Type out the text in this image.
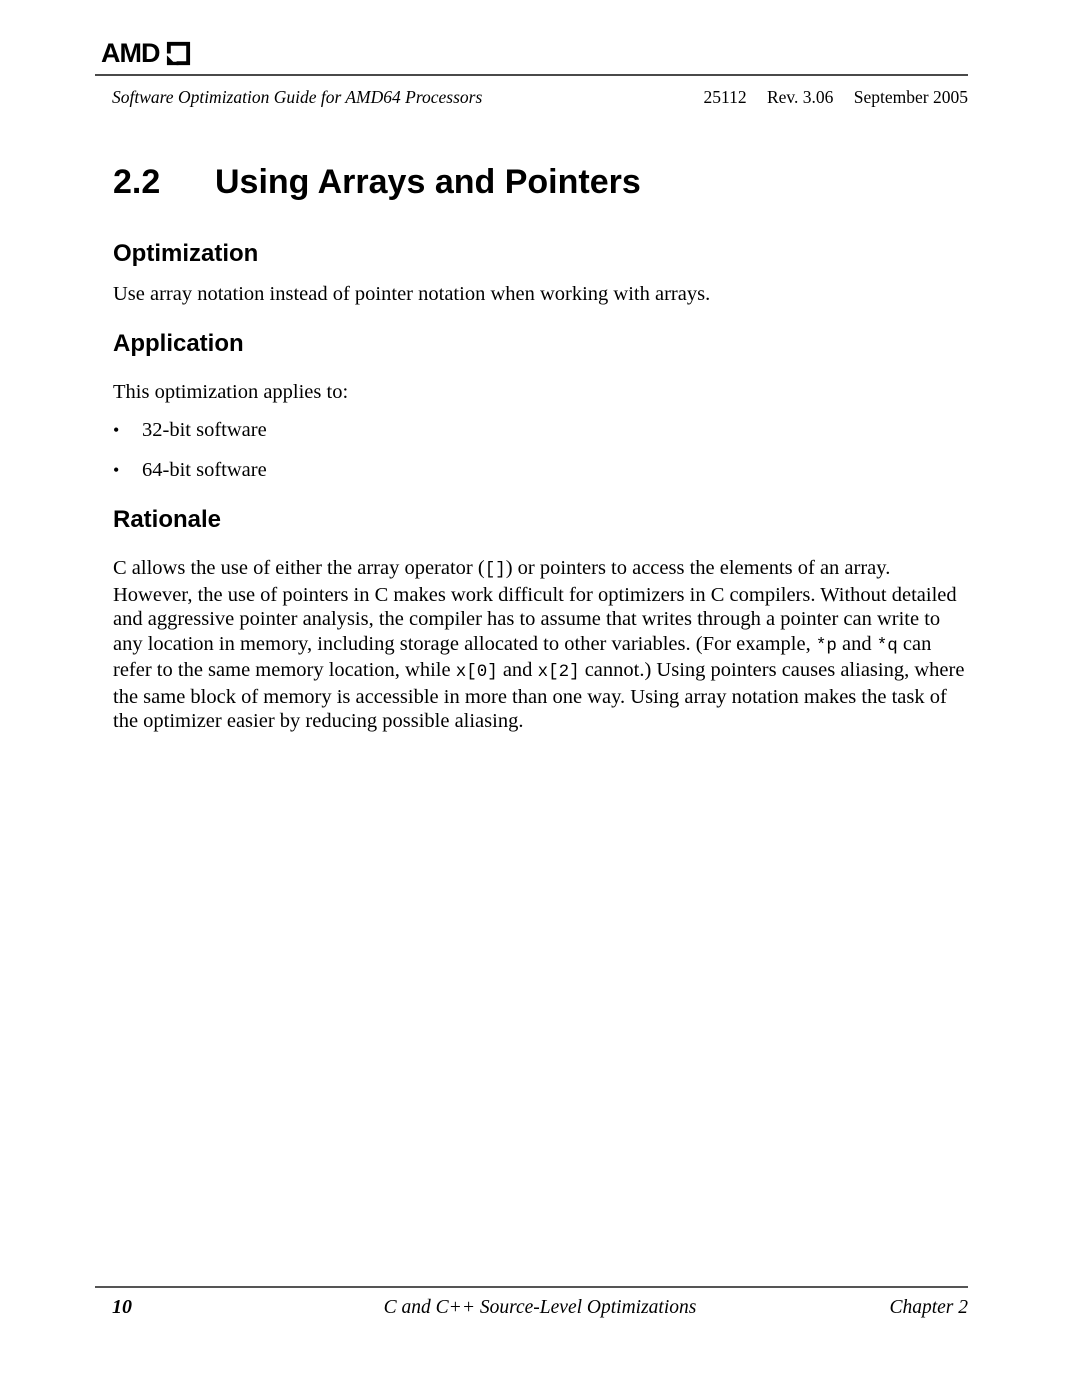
AMD
Software Optimization Guide for AMD64 Processors	25112 Rev. 3.06 September 2005
2.2	Using Arrays and Pointers
Optimization

Use array notation instead of pointer notation when working with arrays.

Application

This optimization applies to:

•	32-bit software
•	64-bit software
Rationale

C allows the use of either the array operator ([]) or pointers to access the elements of an array. However, the use of pointers in C makes work difficult for optimizers in C compilers. Without detailed and aggressive pointer analysis, the compiler has to assume that writes through a pointer can write to any location in memory, including storage allocated to other variables. (For example, *p and *q can refer to the same memory location, while x[0] and x[2] cannot.) Using pointers causes aliasing, where the same block of memory is accessible in more than one way. Using array notation makes the task of the optimizer easier by reducing possible aliasing.

10	C and C++ Source-Level Optimizations	Chapter 2
